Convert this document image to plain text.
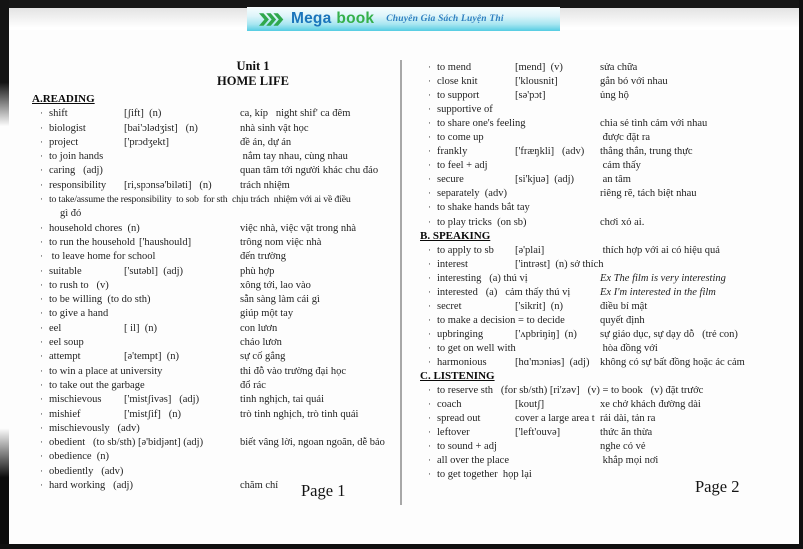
Mega book Chuyên Gia Sách Luyện Thi
Unit 1
HOME LIFE
A.READING
· shift	[ʃift]  (n)	ca, kíp   night shif' ca đêm
· biologist	[bai'ɔlədʒist]   (n)	nhà sinh vật học
· project	['prɔdʒekt]	đề án, dự án
· to join hands	nắm tay nhau, cùng nhau
· caring   (adj)	quan tâm tới người khác chu đáo
· responsibility	[ri,spɔnsə'biləti]   (n)	trách nhiệm
· to take/assume the responsibility  to sob  for sth  chịu trách  nhiệm với ai về điều
gì đó
· household chores  (n)	việc nhà, việc vặt trong nhà
· to run the household ['haushould]	trông nom việc nhà
· to leave home for school	đến trường
· suitable	['sutəbl]  (adj)	phù hợp
· to rush to   (v)	xông tới, lao vào
· to be willing  (to do sth)	sẵn sàng làm cái gì
· to give a hand	giúp một tay
· eel	[ il]  (n)	con lươn
· eel soup	cháo lươn
· attempt	[ə'tempt]  (n)	sự cố gắng
· to win a place at university	thi đỗ vào trường đại học
· to take out the garbage	đổ rác
· mischievous	['mistʃivəs]   (adj)	tinh nghịch, tai quái
· mishief	['mistʃif]   (n)	trò tinh nghịch, trò tinh quái
· mischievously   (adv)
· obedient   (to sb/sth) [ə'bidjənt] (adj)	biết vâng lời, ngoan ngoãn, dễ bảo
· obedience  (n)
· obediently   (adv)
· hard working   (adj)	chăm chỉ
· to mend	[mend]  (v)	sửa chữa
· close knit	['klousnit]	gắn bó với nhau
· to support	[sə'pɔt]	ủng hộ
· supportive of
· to share one's feeling	chia sẻ tình cảm với nhau
· to come up	được đặt ra
· frankly	['fræŋkli]   (adv)	thẳng thắn, trung thực
· to feel + adj	cảm thấy
· secure	[si'kjuə]  (adj)	an tâm
· separately  (adv)	riêng rẽ, tách biệt nhau
· to shake hands bắt tay
· to play tricks  (on sb)	chơi xỏ ai.
B. SPEAKING
· to apply to sb	[ə'plai]	thích hợp với ai có hiệu quả
· interest	['intrəst]  (n) sở thích
· interesting   (a) thú vị	Ex The film is very interesting
· interested   (a)   cảm thấy thú vị	Ex I'm interested in the film
· secret	['sikrit]  (n)	điều bí mật
· to make a decision = to decide	quyết định
· upbringing	['ʌpbriŋiŋ]  (n)	sự giáo dục, sự dạy dỗ   (trẻ con)
· to get on well with	hòa đồng với
· harmonious	[hɑ'mɔniəs]  (adj)	không có sự bất đồng hoặc ác cảm
C. LISTENING
· to reserve sth   (for sb/sth) [ri'zəv]   (v) = to book   (v) đặt trước
· coach	[koutʃ]	xe chở khách đường dài
· spread out	cover a large area t rải dài, tản ra
· leftover	['left'ouvə]	thức ăn thừa
· to sound + adj	nghe có vẻ
· all over the place	khắp mọi nơi
· to get together  họp lại
Page 1	Page 2
